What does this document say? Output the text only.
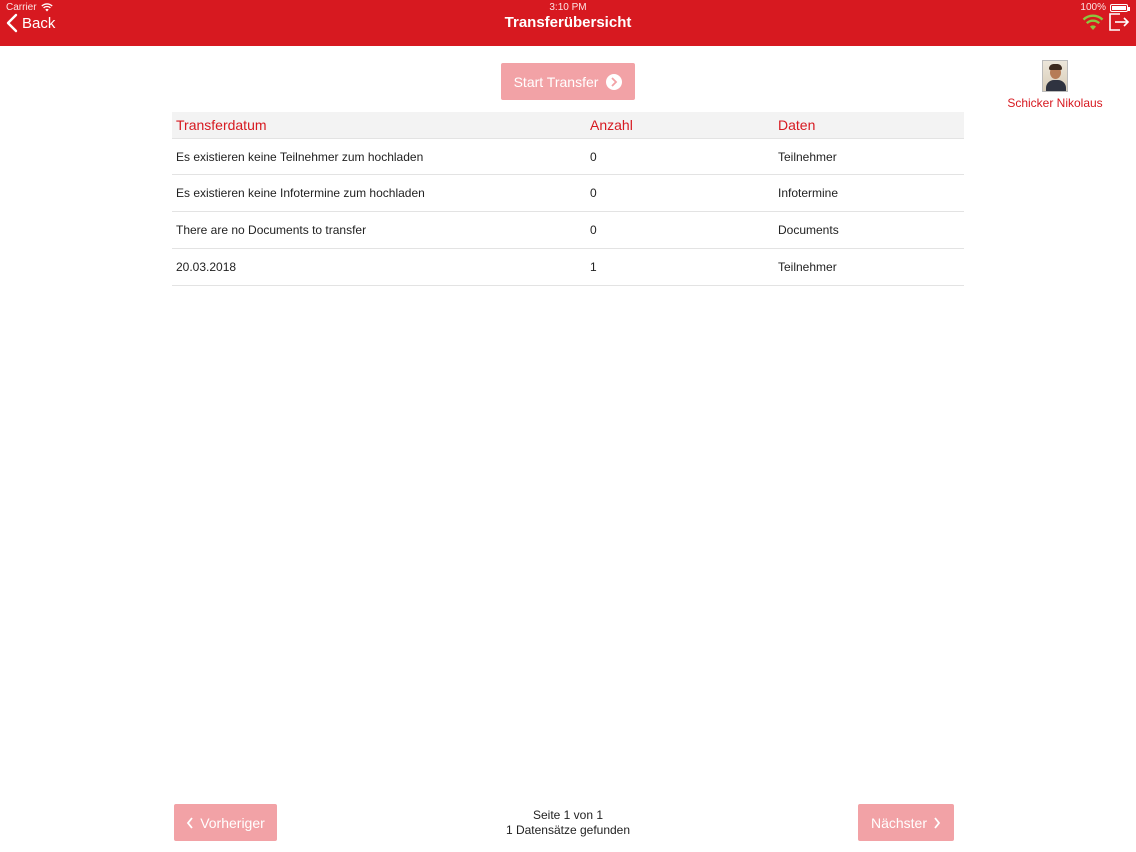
Carrier	3:10 PM	100%
Back	Transferübersicht
Start Transfer
Schicker Nikolaus
Transferdatum	Anzahl	Daten
Es existieren keine Teilnehmer zum hochladen	0	Teilnehmer
Es existieren keine Infotermine zum hochladen	0	Infotermine
There are no Documents to transfer	0	Documents
20.03.2018	1	Teilnehmer
Vorheriger	Seite 1 von 1
1 Datensätze gefunden	Nächster
